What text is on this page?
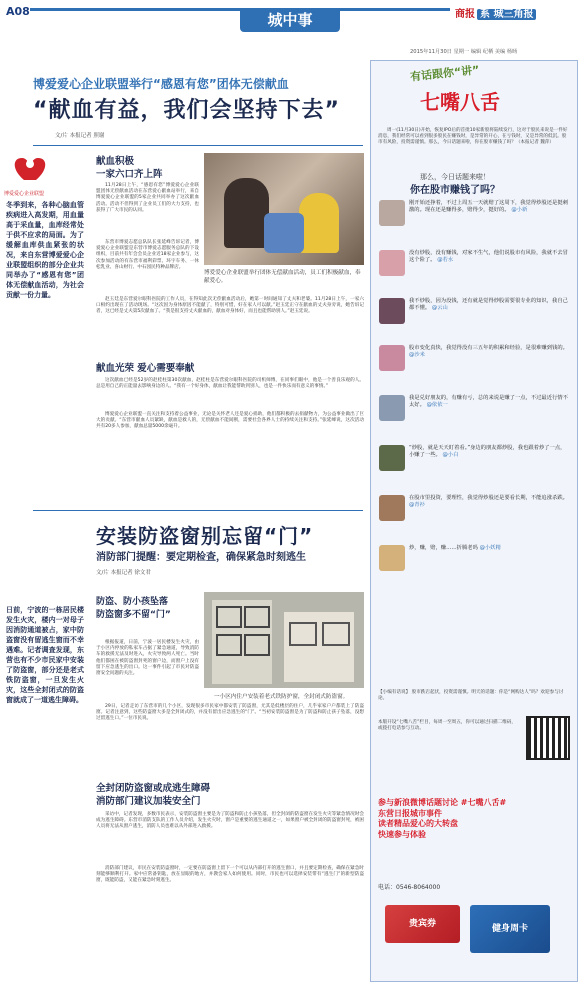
A08	城中事	商报 系 城三角报
2015年11月30日 星期一 编辑 纪栖 美编 杨旸
博爱爱心企业联盟举行“感恩有您”团体无偿献血
“献血有益，我们会坚持下去”
文/片 本报记者 照谢
博爱爱心企业联盟
冬季到来，各种心脑血管疾病进入高发期，用血量高于采血量，血库经常处于供不应求的局面。为了缓解血库供血紧张的状况，来自东营博爱爱心企业联盟组织的部分企业共同举办了“感恩有您”团体无偿献血活动，为社会贡献一份力量。
献血积极
一家六口齐上阵
11月28日上午，“感恩有您”博爱爱心企业联盟团体无偿献血活动在东营爱心献血站举行，来自博爱爱心企业联盟的5家企业共同举办了这次献血活动。活动不但得到了企业员工们的大力支持，也获得了广大市民的认同。
东营市博爱志愿总队队长张延峰告诉记者，博爱爱心企业联盟是东营市博爱志愿服务总队的下设组织，目前共有年会会员企业近18家企业参与，这次参加活动的有东营市福利彩票、环宇车务、一休松乳业、喜山财行、中石园民特种品牌店。
博爱爱心企业联盟举行团体无偿献血活动，员工们积极献血，奉献爱心。
赵玉廷是东营爱尔眼科医院的工作人员，在得知此次无偿献血活动后，她第一时间通知了丈夫和老婆。11月28日上午，一家六口相约出现在了活动现场。“这次因为身体原因不能献了，特别可惜，好在家人可以献。”赵玉廷正守在献血的丈夫身旁说，她告诉记者，这已经是丈夫第5次献血了。“我是很支持丈夫献血的，献血对身体好，而且也能帮助别人。”赵玉廷说。
献血光荣 爱心需要奉献
这次献血已经是52岁的赵桂柱第30次献血，赵桂柱是东营爱尔眼科医院的司机师傅，在同事们眼中，他是一个善良乐观的人。总是用自己的正能量去影响身边的人。“我有一个好身体，献血让我能帮助到别人，也是一件快乐而有意义的事情。”
博爱爱心企业联盟一直关注和支持着公益事业，无论是关怀老人还是爱心捐助，他们都积极的去捐献物力，为公益事业做出了巨大的贡献。“东营市献血人员紧缺，献血是救人的，无偿献血不能间断，需要社会各界人士的持续关注和支持。”张延峰说，这次活动共有20多人参加，献血总量5000余毫升。
安装防盗窗别忘留“门”
消防部门提醒：要定期检查，确保紧急时刻逃生
文/片 本报记者 徐文君
日前，宁波的一栋居民楼发生火灾，楼内一对母子因消防通道被占，家中防盗窗没有留逃生窗而不幸遇难。记者调查发现，东营也有不少市民家中安装了防盗窗，部分还是老式铁防盗窗，一旦发生火灾，这些全封闭式的防盗窗就成了一道逃生障碍。
防盗、防小孩坠落
防盗窗多不留“门”
根据报道，日前，宁波一居民楼发生火灾，由于小区内停放的私家车占据了紧急通道，导致消防车的救援无法及时进入，火灾导致两人死亡。当时他们都困在被防盗窗封死的窗户边，而窗户上没有留下应急逃生的出口。这一事件引起了市民对防盗窗安全问题的关注。
一小区内住户安装着老式铁防护窗，全封闭式防盗窗。
29日，记者走访了东营市的几个小区，发现很多市民家中都安装了防盗窗，尤其是低楼层的住户，几乎家家户户都装上了防盗窗。记者注意到，这些防盗窗大多是全封闭式的，并没有留出应急逃生的“门”。“当初安装防盗窗是为了防盗和防止孩子坠落，没想过留逃生口。”一位市民说。
全封闭防盗窗或成逃生障碍
消防部门建议加装安全门
采访中，记者发现，多数市民表示，安装防盗窗主要是为了防盗和防止小孩坠落，但全封闭的防盗窗在发生火灾等紧急情况时会成为逃生障碍。东营市消防支队的工作人员介绍，发生火灾时，窗户是重要的逃生通道之一，如果窗户被全封闭的防盗窗封死，被困人员将无法从窗户逃生，消防人员也难以从外部进入救援。
消防部门建议，市民在安装防盗窗时，一定要在防盗窗上留下一个可以从内部打开的逃生窗口，并且要定期检查，确保在紧急时刻能够顺利打开。家中应常备钥匙，放在显眼的地方，并教会家人如何使用。同时，市民也可以选择安装带有“逃生门”的新型防盗窗，既能防盗，又能在紧急时刻逃生。
有话跟你“讲”
七嘴八舌
周一(11月30日)开始，恢复IPO后的首批10家新股将陆续发行，这对于股民来说是一件好消息，我们经常可以看到很多股民在赚钱时，是异常的开心，在亏钱时，又是异常的低沉。股市有风险，投资需谨慎。那么，今日话题来啦，你在股市赚钱了吗？（本报记者 魏萍）
那么，今日话题来啦！
你在股市赚钱了吗？
刚开始还挣着，不过上周五一天就赔了这周下，我觉得炒股还是挺刺激的。现在还是赚得多，赔得少，挺好的。 @小新
没有炒股，没有赚钱，对家不生气，他们说股市有风险，我就不去冒这个险了。 @若水
我不炒股，因为没钱，还有就是觉得炒股需要很专业的知识，我自己都不懂。 @云山
股市变化真快，我觉得没有三五年的积累和经验，是很难赚到钱的。 @沙米
我是兑好朋友的，有赚有亏，总的来说是赚了一点，不过最近行情不太好。 @依依一
“炒股，就是天天盯着看。”身边的朋友都炒股，我也跟着炒了一点，小赚了一些。 @小白
在股市里投资，要理性，我觉得炒股还是要看长期，不能追涨杀跌。 @青衫
炒，赚，赔，赚……折腾老吗 @小妖精
【小编有话说】 股市跌宕起伏，投资需谨慎。明天的话题：你是“网购达人”吗？欢迎参与讨论。
本版开设“七嘴八舌”栏目，每周一至周五，你可以通过扫描二维码，或拨打电话参与互动。
参与新浪微博话题讨论 #七嘴八舌#
东营日报城市事件
读者精品爱心的大转盘
快速参与体验
电话：0546-8064000
贵宾券	健身周卡
